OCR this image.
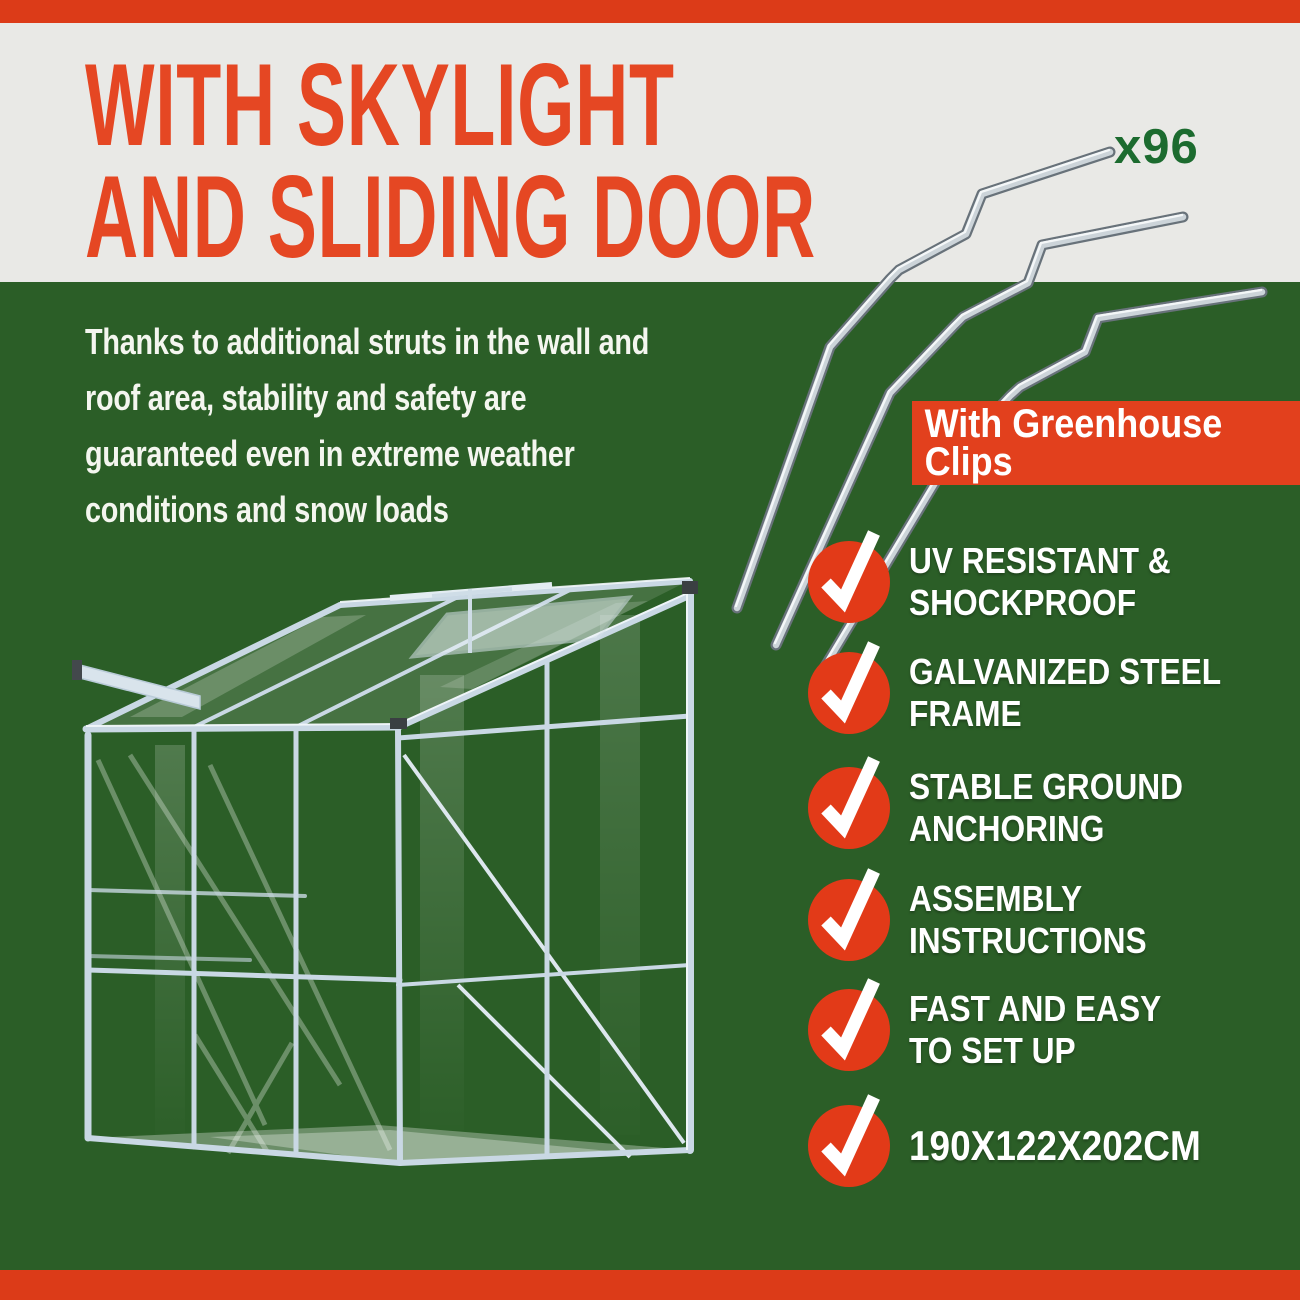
WITH SKYLIGHT
AND SLIDING DOOR
x96
Thanks to additional struts in the wall and roof area, stability and safety are guaranteed even in extreme weather conditions and snow loads
With Greenhouse
Clips
UV RESISTANT &
SHOCKPROOF
GALVANIZED STEEL
FRAME
STABLE GROUND
ANCHORING
ASSEMBLY
INSTRUCTIONS
FAST AND EASY
TO SET UP
190X122X202CM
